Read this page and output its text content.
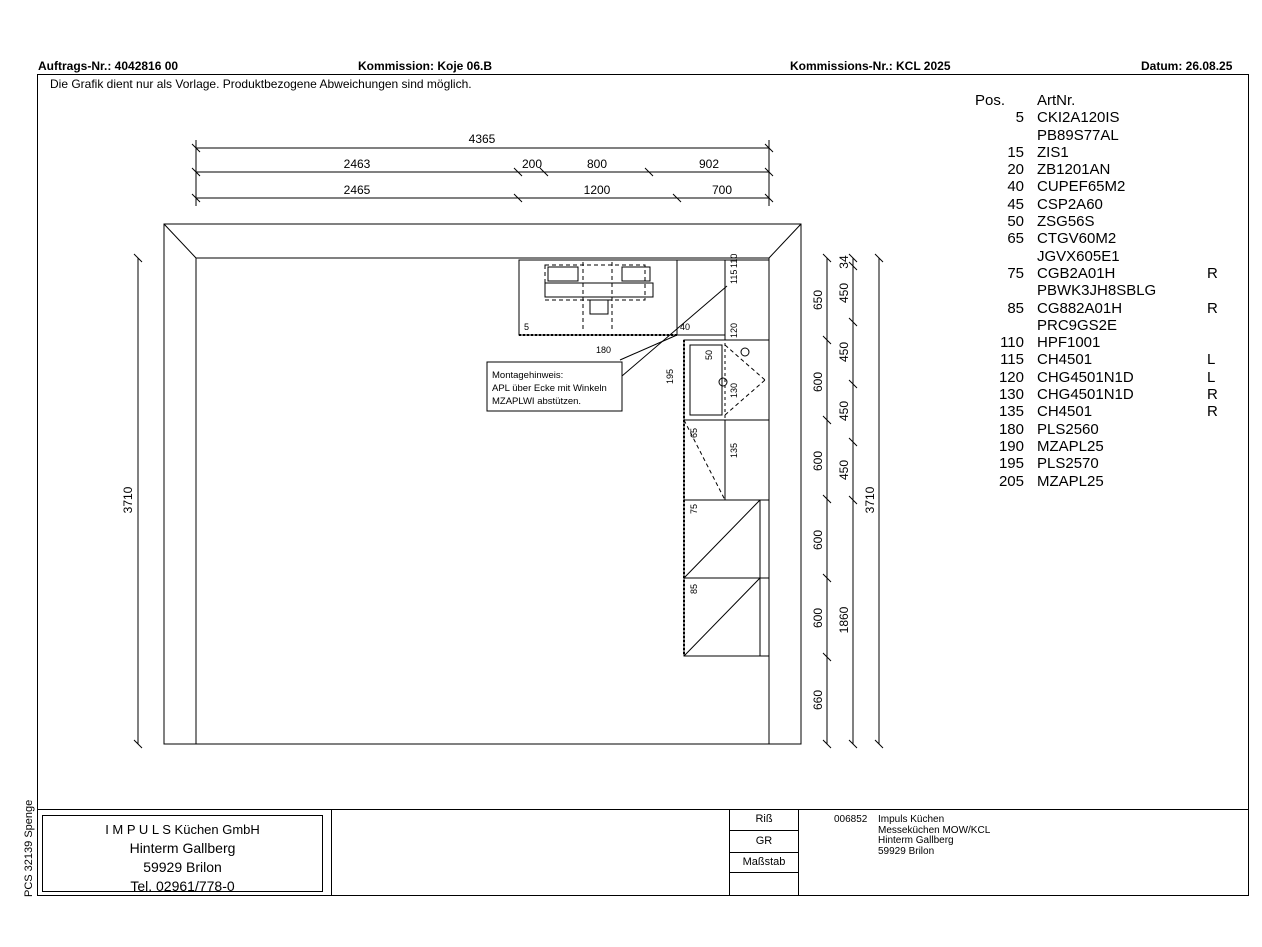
Auftrags-Nr.: 4042816 00	Kommission: Koje 06.B	Kommissions-Nr.: KCL 2025	Datum: 26.08.25
Die Grafik dient nur als Vorlage. Produktbezogene Abweichungen sind möglich.
4365
2463	200	800	902
2465	1200	700
3710
650
600
600
600
600
660
34
450
450
450
450
1860
3710
180
195
110
115
120
130
135
50
65
75
85
5	40
Montagehinweis:
APL über Ecke mit Winkeln
MZAPLWI abstützen.
Pos.	ArtNr.
5 CKI2A120IS
PB89S77AL
15 ZIS1
20 ZB1201AN
40 CUPEF65M2
45 CSP2A60
50 ZSG56S
65 CTGV60M2
JGVX605E1
75 CGB2A01H	R
PBWK3JH8SBLG
85 CG882A01H	R
PRC9GS2E
110 HPF1001
115 CH4501	L
120 CHG4501N1D	L
130 CHG4501N1D	R
135 CH4501	R
180 PLS2560
190 MZAPL25
195 PLS2570
205 MZAPL25
I M P U L S Küchen GmbH
Hinterm Gallberg
59929 Brilon
Tel. 02961/778-0
Riß
GR
Maßstab
006852 Impuls Küchen
Messeküchen MOW/KCL
Hinterm Gallberg
59929 Brilon
PCS 32139 Spenge
